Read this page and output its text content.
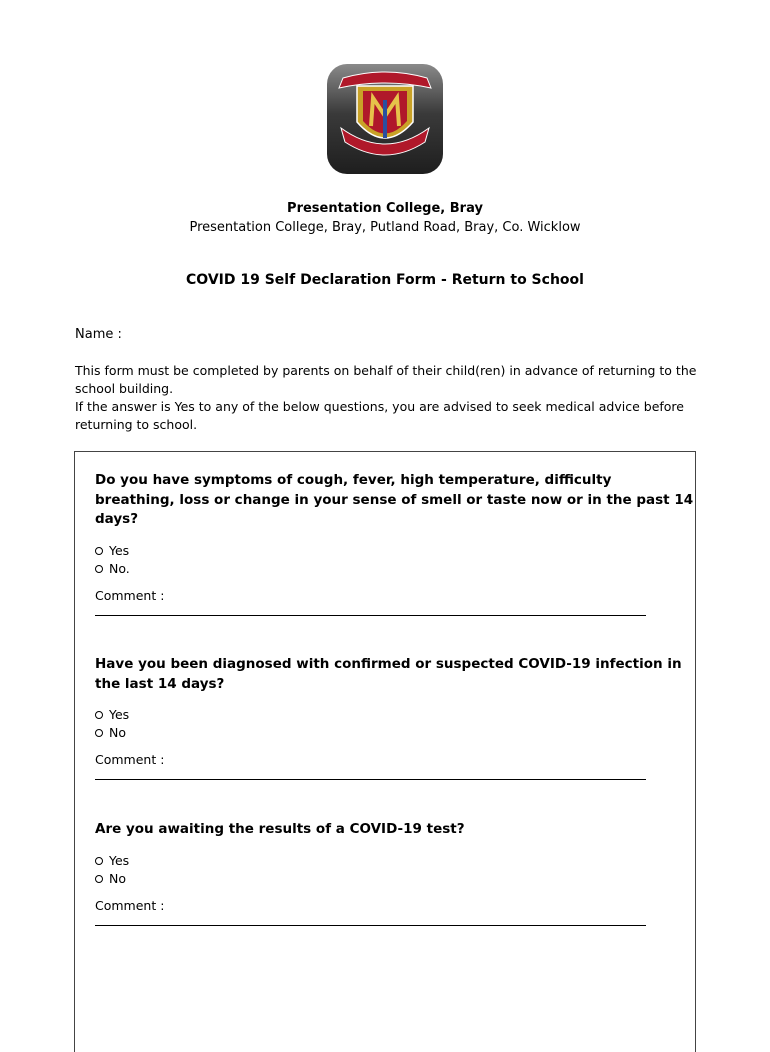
Presentation College, Bray
Presentation College, Bray, Putland Road, Bray, Co. Wicklow
COVID 19 Self Declaration Form - Return to School
Name :

This form must be completed by parents on behalf of their child(ren) in advance of returning to the school building.

If the answer is Yes to any of the below questions, you are advised to seek medical advice before returning to school.

Do you have symptoms of cough, fever, high temperature, difficulty breathing, loss or change in your sense of smell or taste now or in the past 14 days?
Yes
No.
Comment :
Have you been diagnosed with confirmed or suspected COVID-19 infection in the last 14 days?
Yes
No
Comment :
Are you awaiting the results of a COVID-19 test?
Yes
No
Comment :
